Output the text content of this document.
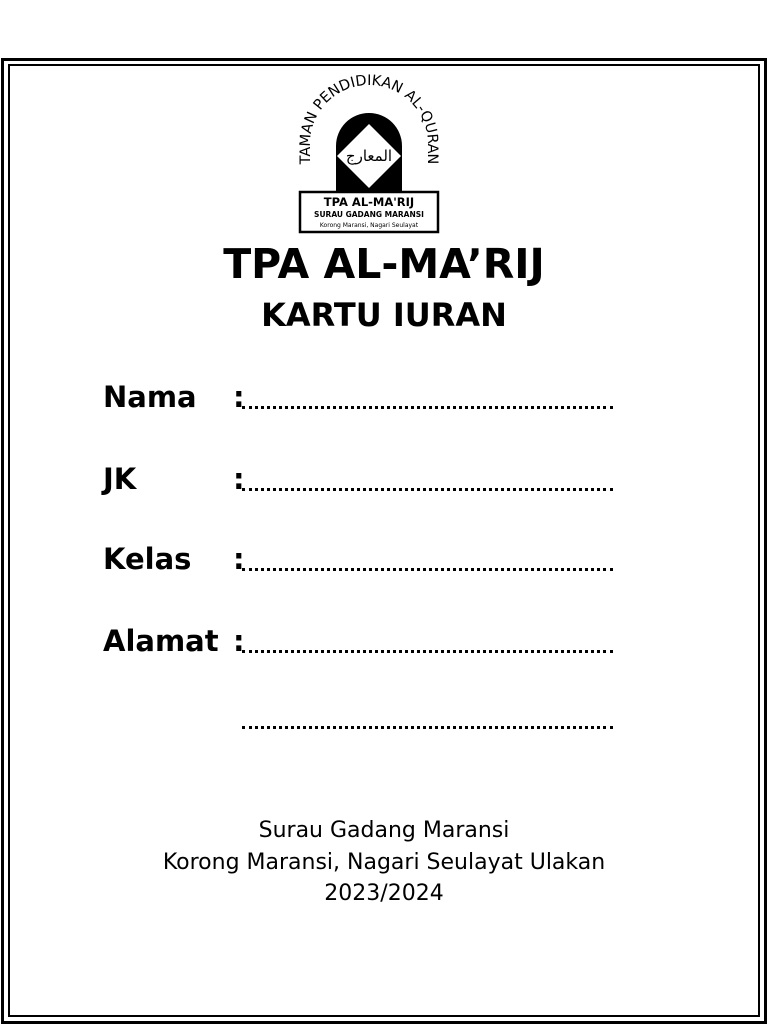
المعارج
TAMAN PENDIDIKAN AL-QURAN
TPA AL-MA'RIJ
SURAU GADANG MARANSI
Korong Maransi, Nagari Seulayat
TPA AL-MA’RIJ
KARTU IURAN
Nama :
JK	:
Kelas :
Alamat :

Surau Gadang Maransi

Korong Maransi, Nagari Seulayat Ulakan

2023/2024
